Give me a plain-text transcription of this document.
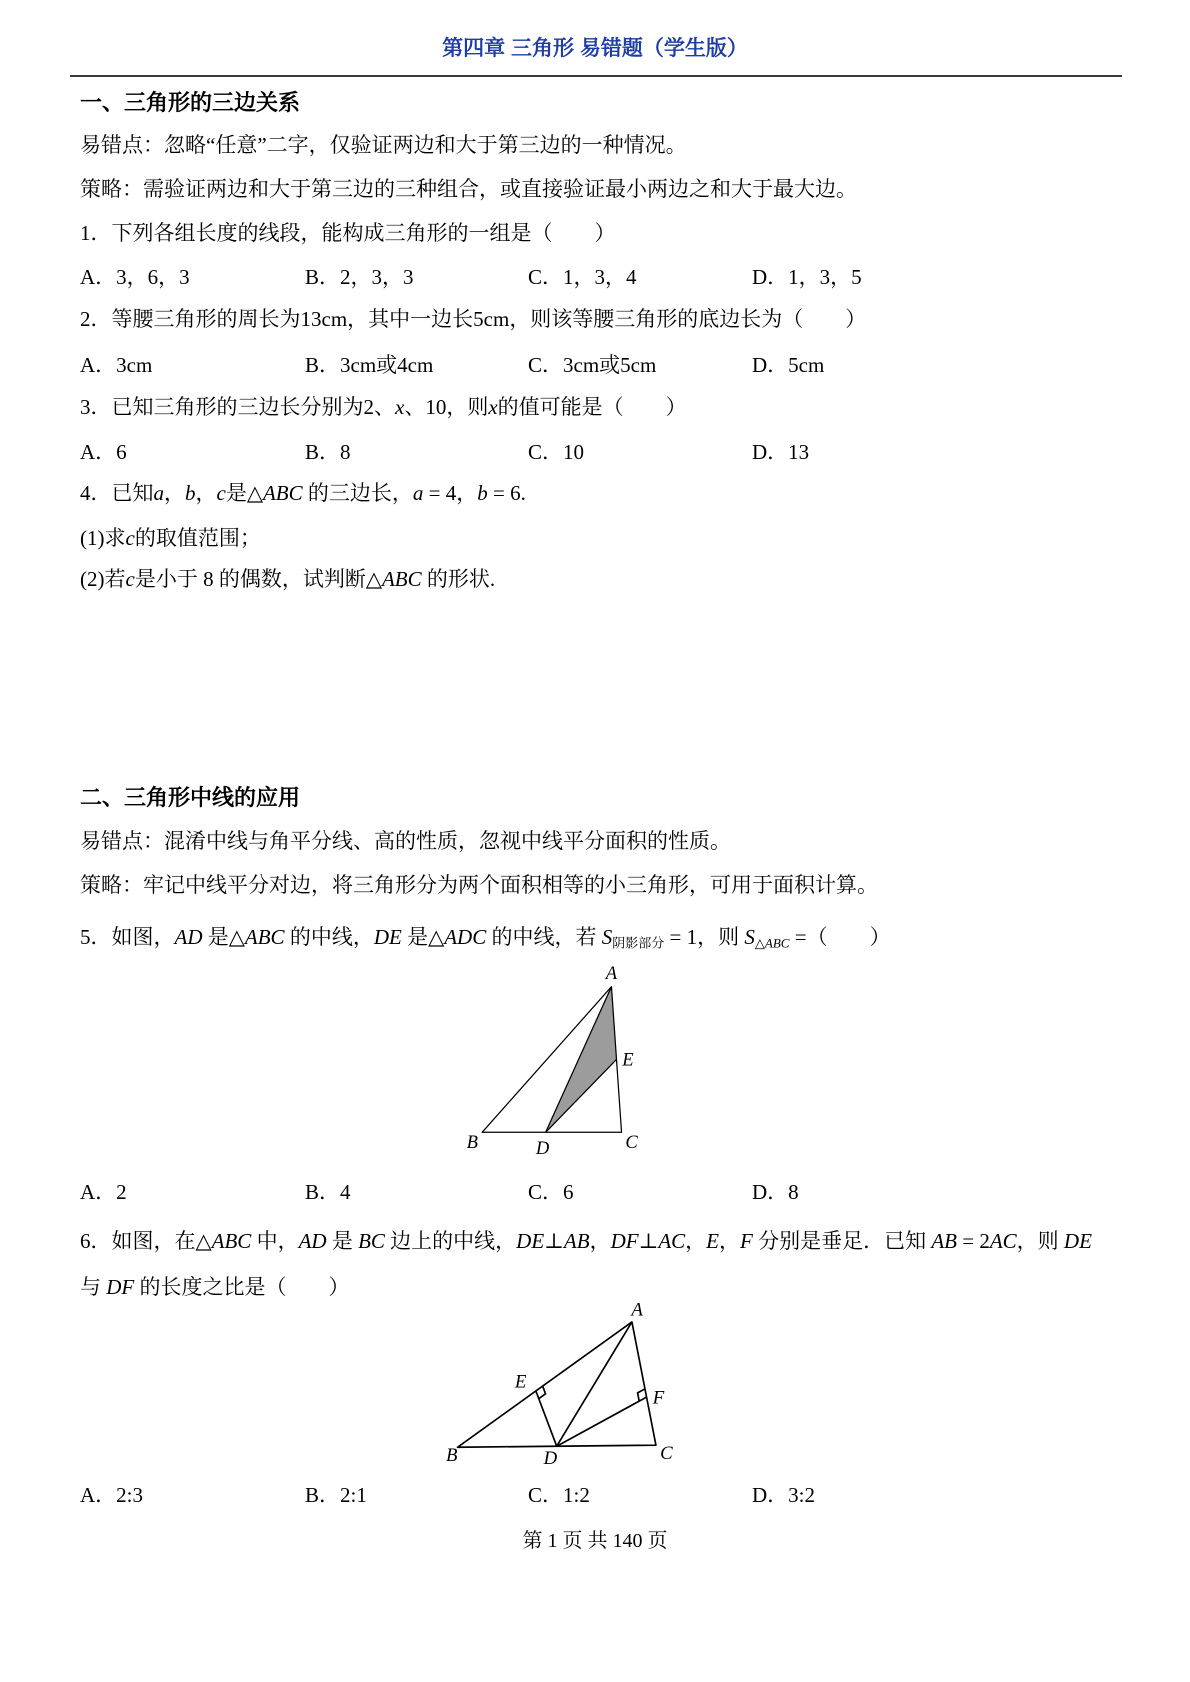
第四章 三角形 易错题（学生版）
一、三角形的三边关系
易错点：忽略“任意”二字，仅验证两边和大于第三边的一种情况。
策略：需验证两边和大于第三边的三种组合，或直接验证最小两边之和大于最大边。
1．下列各组长度的线段，能构成三角形的一组是（　　）
A．3，6，3	B．2，3，3	C．1，3，4	D．1，3，5
2．等腰三角形的周长为13cm，其中一边长5cm，则该等腰三角形的底边长为（　　）
A．3cm	B．3cm或4cm	C．3cm或5cm	D．5cm
3．已知三角形的三边长分别为2、x、10，则x的值可能是（　　）
A．6	B．8	C．10	D．13
4．已知a，b，c是△ABC 的三边长，a = 4，b = 6.
(1)求c的取值范围；
(2)若c是小于 8 的偶数，试判断△ABC 的形状.
二、三角形中线的应用
易错点：混淆中线与角平分线、高的性质，忽视中线平分面积的性质。
策略：牢记中线平分对边，将三角形分为两个面积相等的小三角形，可用于面积计算。
5．如图，AD 是△ABC 的中线，DE 是△ADC 的中线，若 $S_{阴影部分} = 1$，则 $S_{\triangle ABC}$ =（　　）
A
B	C
D
E
A．2	B．4	C．6	D．8
6．如图，在△ABC 中，AD 是 BC 边上的中线，DE⊥AB，DF⊥AC，E，F 分别是垂足．已知 AB = 2AC，则 DE 与 DF 的长度之比是（　　）
A
B	C
D
E
F
A．2:3	B．2:1	C．1:2	D．3:2
第 1 页 共 140 页
